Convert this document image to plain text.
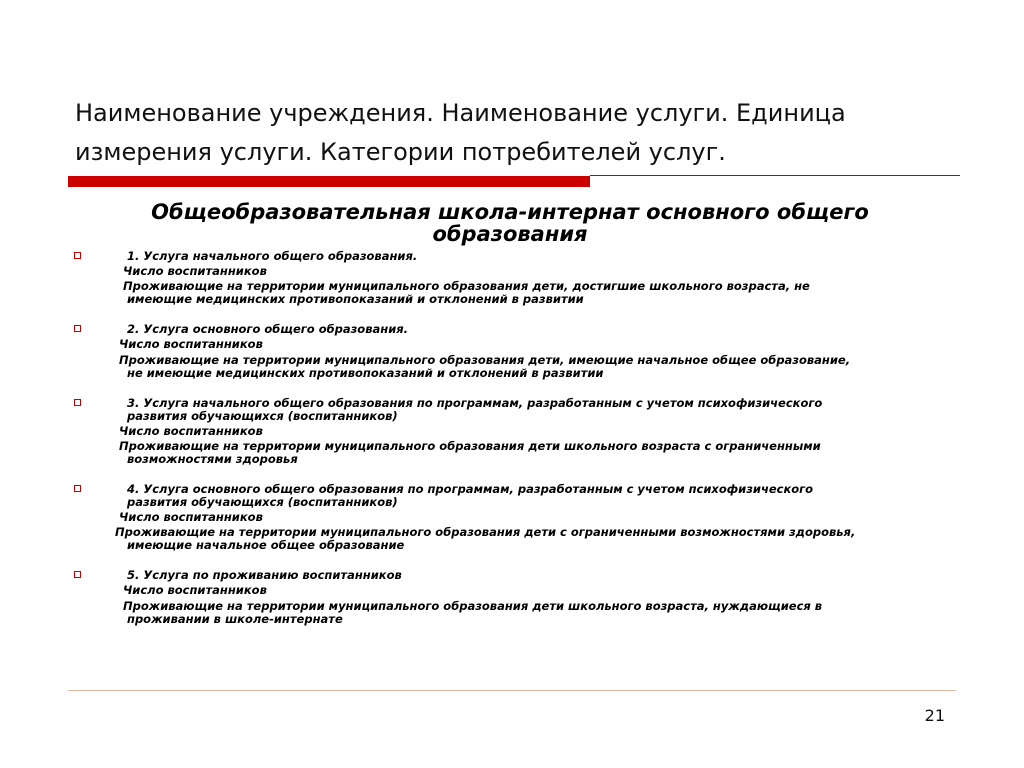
Наименование учреждения. Наименование услуги. Единица
измерения услуги. Категории потребителей услуг.
Общеобразовательная школа-интернат основного общего
образования
1. Услуга начального общего образования.
Число воспитанников
Проживающие на территории муниципального образования дети, достигшие школьного возраста, не
имеющие медицинских противопоказаний и отклонений в развитии
2. Услуга основного общего образования.
Число воспитанников
Проживающие на территории муниципального образования дети, имеющие начальное общее образование,
не имеющие медицинских противопоказаний и отклонений в развитии
3. Услуга начального общего образования по программам, разработанным с учетом психофизического
развития обучающихся (воспитанников)
Число воспитанников
Проживающие на территории муниципального образования дети школьного возраста с ограниченными
возможностями здоровья
4. Услуга основного общего образования по программам, разработанным с учетом психофизического
развития обучающихся (воспитанников)
Число воспитанников
Проживающие на территории муниципального образования дети с ограниченными возможностями здоровья,
имеющие начальное общее образование
5. Услуга по проживанию воспитанников
Число воспитанников
Проживающие на территории муниципального образования дети школьного возраста, нуждающиеся в
проживании в школе-интернате
21
